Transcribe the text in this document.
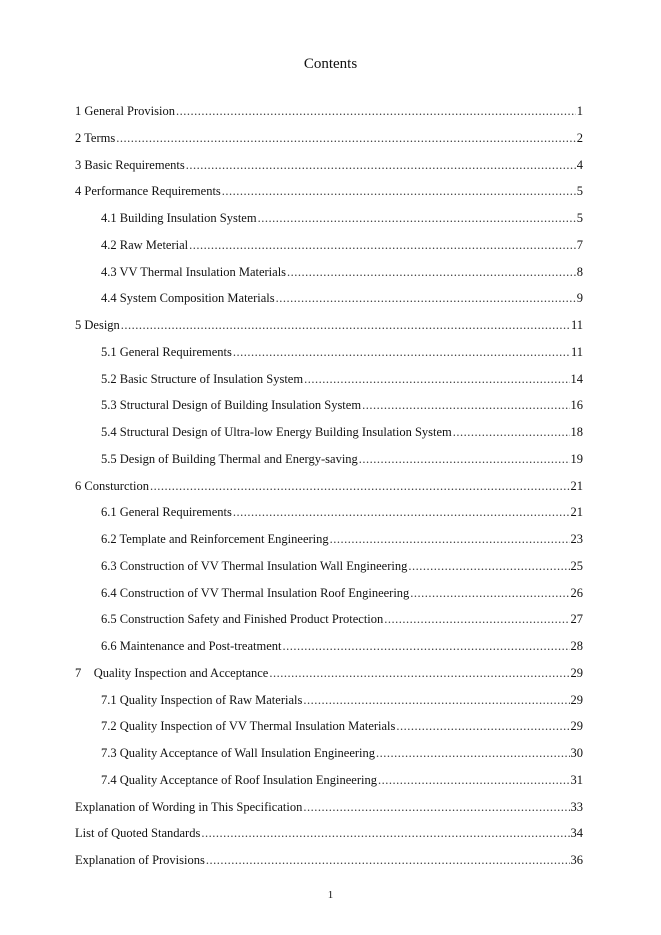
Contents
1 General Provision .....	1
2 Terms .....	2
3 Basic Requirements .....	4
4 Performance Requirements .....	5
4.1 Building Insulation System .....	5
4.2 Raw Meterial .....	7
4.3 VV Thermal Insulation Materials .....	8
4.4 System Composition Materials .....	9
5 Design .....	11
5.1 General Requirements .....	11
5.2 Basic Structure of Insulation System .....	14
5.3 Structural Design of Building Insulation System .....	16
5.4 Structural Design of Ultra-low Energy Building Insulation System .....	18
5.5 Design of Building Thermal and Energy-saving .....	19
6 Consturction .....	21
6.1 General Requirements .....	21
6.2 Template and Reinforcement Engineering .....	23
6.3 Construction of VV Thermal Insulation Wall Engineering .....	25
6.4 Construction of VV Thermal Insulation Roof Engineering .....	26
6.5 Construction Safety and Finished Product Protection .....	27
6.6 Maintenance and Post-treatment .....	28
7    Quality Inspection and Acceptance .....	29
7.1 Quality Inspection of Raw Materials .....	29
7.2 Quality Inspection of VV Thermal Insulation Materials .....	29
7.3 Quality Acceptance of Wall Insulation Engineering .....	30
7.4 Quality Acceptance of Roof Insulation Engineering .....	31
Explanation of Wording in This Specification .....	33
List of Quoted Standards .....	34
Explanation of Provisions .....	36
1
